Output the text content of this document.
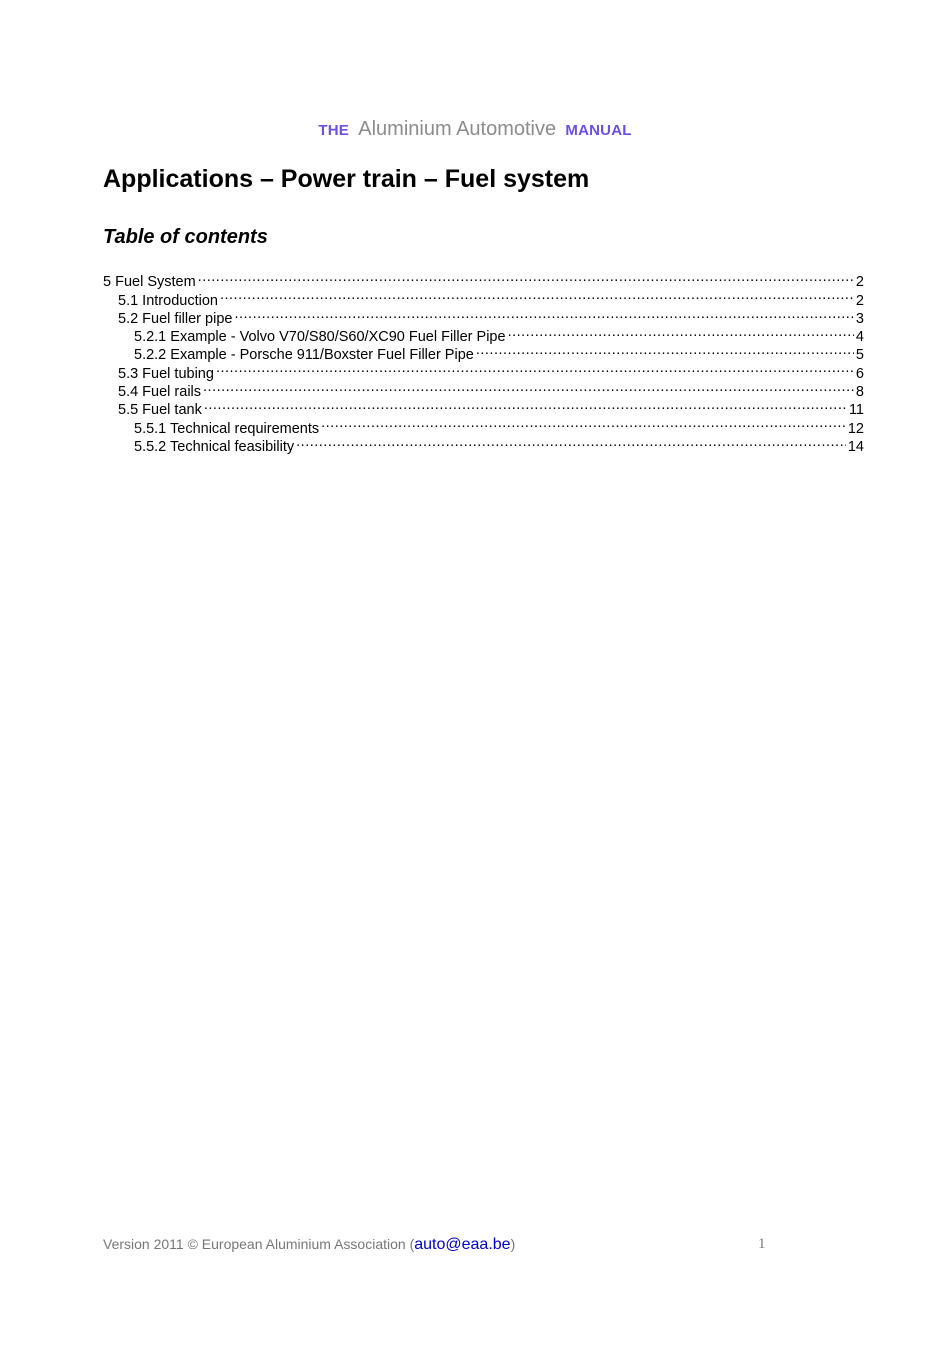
THE Aluminium Automotive MANUAL
Applications – Power train – Fuel system
Table of contents
5 Fuel System .....	2
5.1 Introduction .....	2
5.2 Fuel filler pipe .....	3
5.2.1 Example - Volvo V70/S80/S60/XC90 Fuel Filler Pipe .....	4
5.2.2 Example - Porsche 911/Boxster Fuel Filler Pipe .....	5
5.3 Fuel tubing .....	6
5.4 Fuel rails .....	8
5.5 Fuel tank .....	11
5.5.1 Technical requirements .....	12
5.5.2 Technical feasibility .....	14
Version 2011 © European Aluminium Association (auto@eaa.be)	1
